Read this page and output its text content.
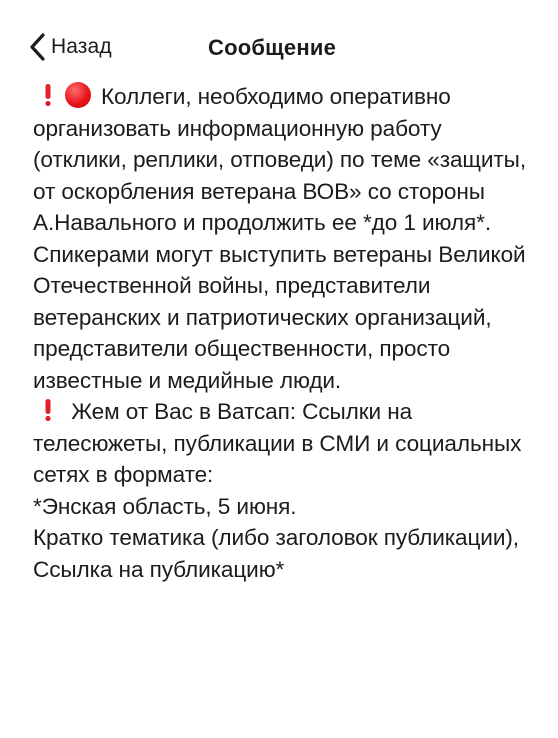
Назад	Сообщение

Коллеги, необходимо оперативно организовать информационную работу (отклики, реплики, отповеди) по теме «защиты, от оскорбления ветерана ВОВ» со стороны А.Навального и продолжить ее *до 1 июля*. Спикерами могут выступить ветераны Великой Отечественной войны, представители ветеранских и патриотических организаций, представители общественности, просто известные и медийные люди.

Жем от Вас в Ватсап: Ссылки на телесюжеты, публикации в СМИ и социальных сетях в формате:

*Энская область, 5 июня.

Кратко тематика (либо заголовок публикации), Ссылка на публикацию*
